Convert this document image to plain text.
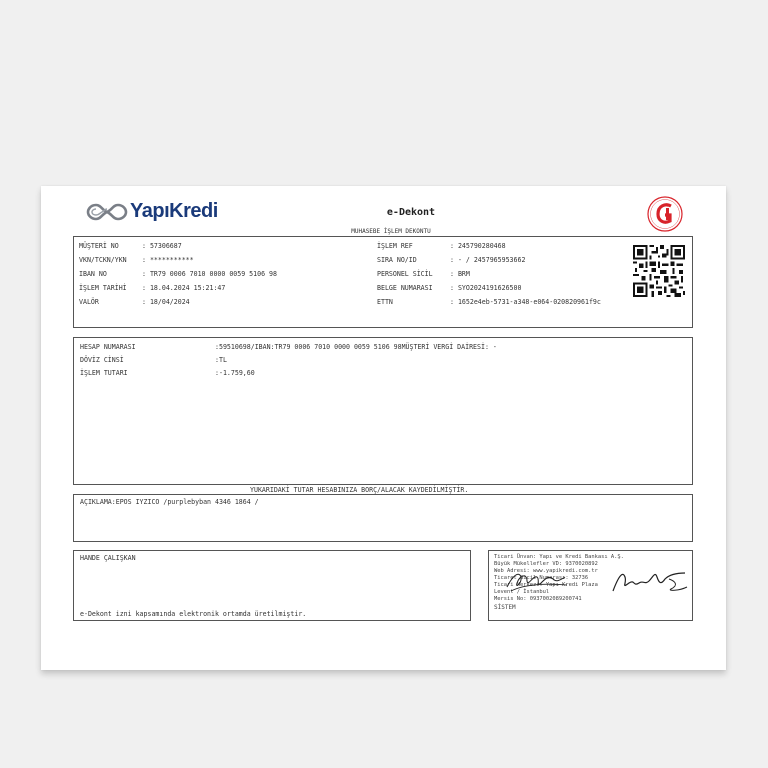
YapıKredi	e-Dekont
MUHASEBE İŞLEM DEKONTU
MÜŞTERİ NO	: 57306687
VKN/TCKN/YKN : ***********
IBAN NO	: TR79 0006 7010 0000 0059 5106 98
İŞLEM TARİHİ : 18.04.2024 15:21:47
VALÖR	: 18/04/2024
İŞLEM REF	: 245790280468
SIRA NO/ID	: - / 2457965953662
PERSONEL SİCİL	: BRM
BELGE NUMARASI	: SYO2024191626500
ETTN	: 1652e4eb-5731-a348-e064-020820961f9c
HESAP NUMARASI	:59510698/IBAN:TR79 0006 7010 0000 0059 5106 98MÜŞTERİ VERGİ DAİRESİ: -
DÖVİZ CİNSİ	:TL
İŞLEM TUTARI	:-1.759,60
YUKARIDAKİ TUTAR HESABINIZA BORÇ/ALACAK KAYDEDİLMİŞTİR.
AÇIKLAMA:EPOS IYZICO /purplebyban 4346 1864 /
HANDE ÇALIŞKAN
e-Dekont izni kapsamında elektronik ortamda üretilmiştir.
Ticari Ünvan: Yapı ve Kredi Bankası A.Ş.
Büyük Mükellefler VD: 9370020892
Web Adresi: www.yapikredi.com.tr
Ticaret Sicil Numarası: 32736
Ticari Merkezi: Yapı Kredi Plaza
Levent / İstanbul
Mersis No: 0937002089200741
SİSTEM
